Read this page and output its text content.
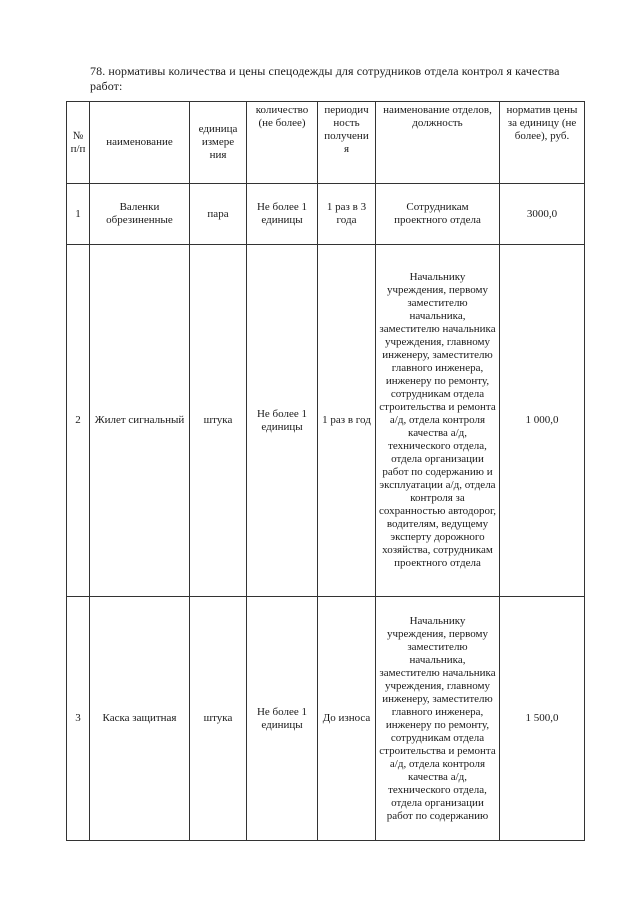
78. нормативы количества и цены спецодежды для сотрудников отдела контрол я качества работ:
№ п/п	наименование	единица измере ния	количество (не более)	периодич ность получени я	наименование отделов, должность	норматив цены за единицу (не более), руб.
1	Валенки обрезиненные	пара	Не более 1 единицы	1 раз в 3 года	Сотрудникам проектного отдела	3000,0
2	Жилет сигнальный	штука	Не более 1 единицы	1 раз в год	Начальнику учреждения, первому заместителю начальника, заместителю начальника учреждения, главному инженеру, заместителю главного инженера, инженеру по ремонту, сотрудникам отдела строительства и ремонта а/д, отдела контроля качества а/д, технического отдела, отдела организации работ по содержанию и эксплуатации а/д, отдела контроля за сохранностью автодорог, водителям, ведущему эксперту дорожного хозяйства, сотрудникам проектного отдела	1 000,0
3	Каска защитная	штука	Не более 1 единицы	До износа	Начальнику учреждения, первому заместителю начальника, заместителю начальника учреждения, главному инженеру, заместителю главного инженера, инженеру по ремонту, сотрудникам отдела строительства и ремонта а/д, отдела контроля качества а/д, технического отдела, отдела организации работ по содержанию	1 500,0
